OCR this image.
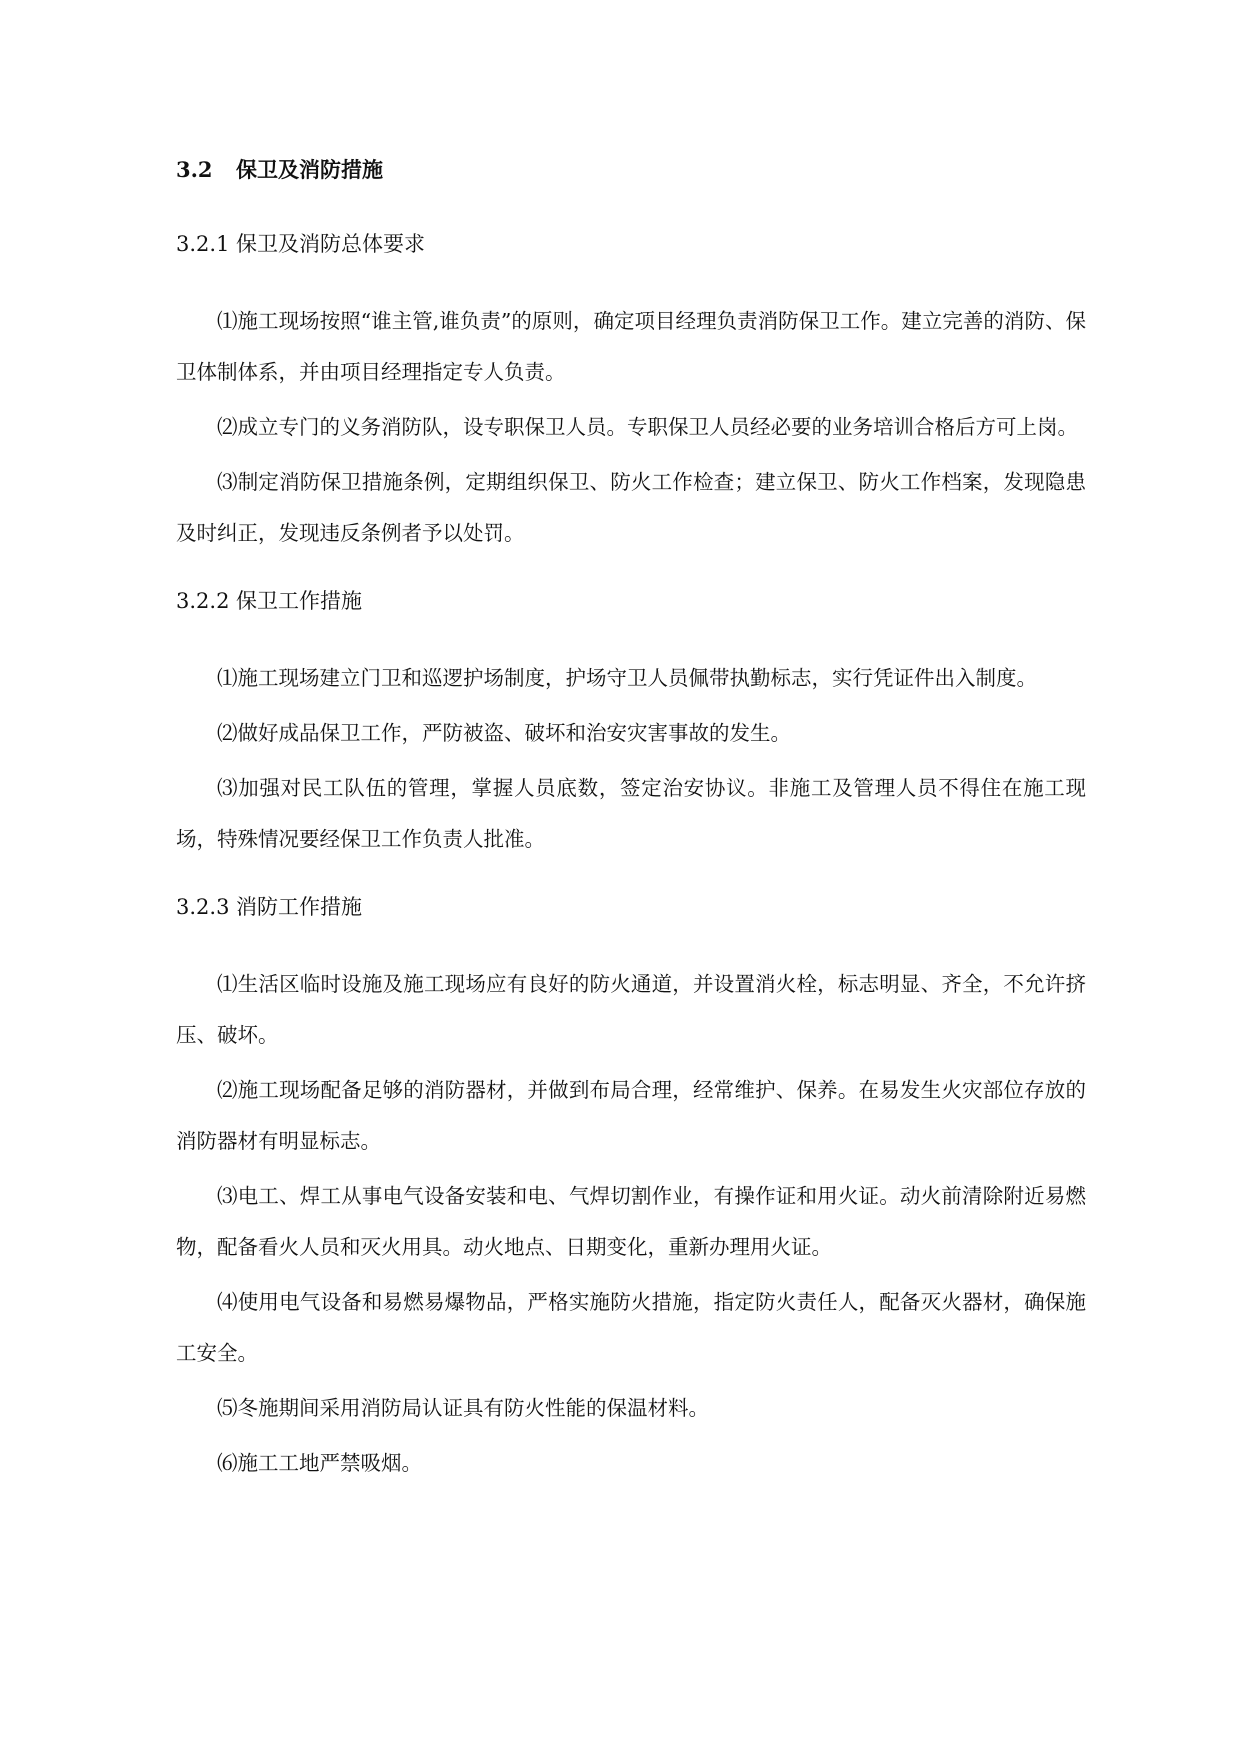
3.2 保卫及消防措施
3.2.1 保卫及消防总体要求
⑴施工现场按照“谁主管,谁负责”的原则，确定项目经理负责消防保卫工作。建立完善的消防、保卫体制体系，并由项目经理指定专人负责。
⑵成立专门的义务消防队，设专职保卫人员。专职保卫人员经必要的业务培训合格后方可上岗。
⑶制定消防保卫措施条例，定期组织保卫、防火工作检查；建立保卫、防火工作档案，发现隐患及时纠正，发现违反条例者予以处罚。
3.2.2 保卫工作措施
⑴施工现场建立门卫和巡逻护场制度，护场守卫人员佩带执勤标志，实行凭证件出入制度。
⑵做好成品保卫工作，严防被盗、破坏和治安灾害事故的发生。
⑶加强对民工队伍的管理，掌握人员底数，签定治安协议。非施工及管理人员不得住在施工现场，特殊情况要经保卫工作负责人批准。
3.2.3 消防工作措施
⑴生活区临时设施及施工现场应有良好的防火通道，并设置消火栓，标志明显、齐全，不允许挤压、破坏。
⑵施工现场配备足够的消防器材，并做到布局合理，经常维护、保养。在易发生火灾部位存放的消防器材有明显标志。
⑶电工、焊工从事电气设备安装和电、气焊切割作业，有操作证和用火证。动火前清除附近易燃物，配备看火人员和灭火用具。动火地点、日期变化，重新办理用火证。
⑷使用电气设备和易燃易爆物品，严格实施防火措施，指定防火责任人，配备灭火器材，确保施工安全。
⑸冬施期间采用消防局认证具有防火性能的保温材料。
⑹施工工地严禁吸烟。
